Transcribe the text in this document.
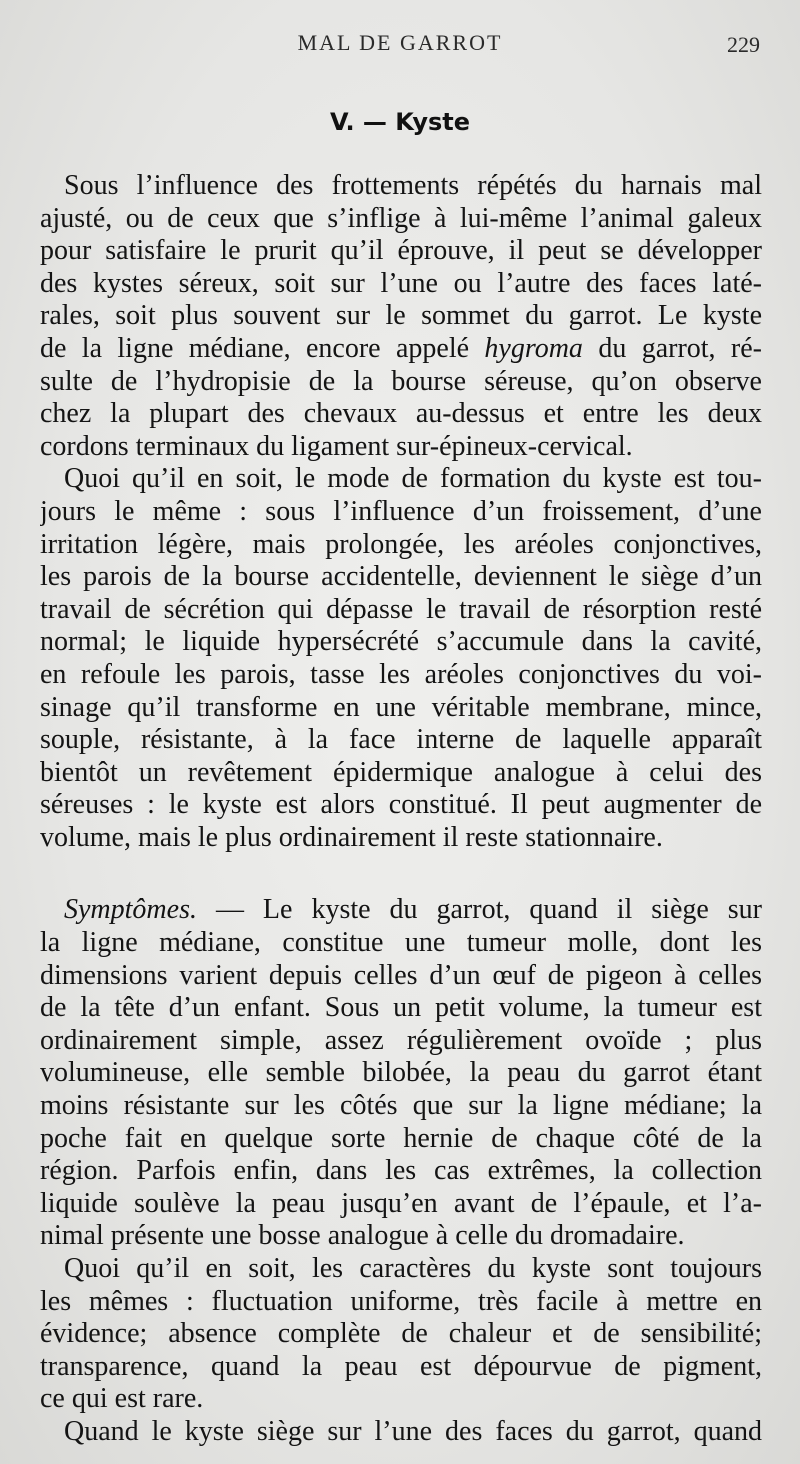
MAL DE GARROT	229
V. — Kyste
Sous l’influence des frottements répétés du harnais mal
ajusté, ou de ceux que s’inflige à lui-même l’animal galeux
pour satisfaire le prurit qu’il éprouve, il peut se développer
des kystes séreux, soit sur l’une ou l’autre des faces laté-
rales, soit plus souvent sur le sommet du garrot. Le kyste
de la ligne médiane, encore appelé hygroma du garrot, ré-
sulte de l’hydropisie de la bourse séreuse, qu’on observe
chez la plupart des chevaux au-dessus et entre les deux
cordons terminaux du ligament sur-épineux-cervical.
Quoi qu’il en soit, le mode de formation du kyste est tou-
jours le même : sous l’influence d’un froissement, d’une
irritation légère, mais prolongée, les aréoles conjonctives,
les parois de la bourse accidentelle, deviennent le siège d’un
travail de sécrétion qui dépasse le travail de résorption resté
normal; le liquide hypersécrété s’accumule dans la cavité,
en refoule les parois, tasse les aréoles conjonctives du voi-
sinage qu’il transforme en une véritable membrane, mince,
souple, résistante, à la face interne de laquelle apparaît
bientôt un revêtement épidermique analogue à celui des
séreuses : le kyste est alors constitué. Il peut augmenter de
volume, mais le plus ordinairement il reste stationnaire.
Symptômes. — Le kyste du garrot, quand il siège sur
la ligne médiane, constitue une tumeur molle, dont les
dimensions varient depuis celles d’un œuf de pigeon à celles
de la tête d’un enfant. Sous un petit volume, la tumeur est
ordinairement simple, assez régulièrement ovoïde ; plus
volumineuse, elle semble bilobée, la peau du garrot étant
moins résistante sur les côtés que sur la ligne médiane; la
poche fait en quelque sorte hernie de chaque côté de la
région. Parfois enfin, dans les cas extrêmes, la collection
liquide soulève la peau jusqu’en avant de l’épaule, et l’a-
nimal présente une bosse analogue à celle du dromadaire.
Quoi qu’il en soit, les caractères du kyste sont toujours
les mêmes : fluctuation uniforme, très facile à mettre en
évidence; absence complète de chaleur et de sensibilité;
transparence, quand la peau est dépourvue de pigment,
ce qui est rare.
Quand le kyste siège sur l’une des faces du garrot, quand
